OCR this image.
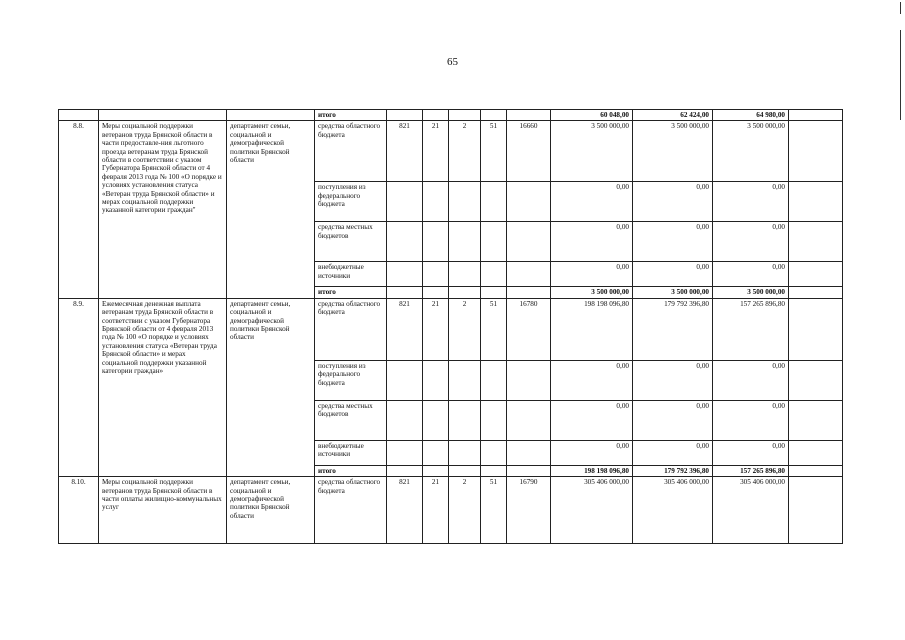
65
			итого						60 048,00	62 424,00	64 980,00	
8.8.	Меры социальной поддержки ветеранов труда Брянской области в части предоставле-ния льготного проезда ветеранам труда Брянской области в соответствии с указом Губернатора Брянской области от 4 февраля 2013 года № 100 «О порядке и условиях установления статуса «Ветеран труда Брянской области» и мерах социальной поддержки указанной категории граждан"	департамент семьи, социальной и демографической политики Брянской области	средства областного бюджета	821	21	2	51	16660	3 500 000,00	3 500 000,00	3 500 000,00	
			поступления из федерального бюджета						0,00	0,00	0,00	
			средства местных бюджетов						0,00	0,00	0,00	
			внебюджетные источники						0,00	0,00	0,00	
			итого						3 500 000,00	3 500 000,00	3 500 000,00	
8.9.	Ежемесячная денежная выплата ветеранам труда Брянской области в соответствии с указом Губернатора Брянской области от 4 февраля 2013 года № 100 «О порядке и условиях установления статуса «Ветеран труда Брянской области» и мерах социальной поддержки указанной категории граждан»	департамент семьи, социальной и демографической политики Брянской области	средства областного бюджета	821	21	2	51	16780	198 198 096,80	179 792 396,80	157 265 896,80	
			поступления из федерального бюджета						0,00	0,00	0,00	
			средства местных бюджетов						0,00	0,00	0,00	
			внебюджетные источники						0,00	0,00	0,00	
			итого						198 198 096,80	179 792 396,80	157 265 896,80	
8.10.	Меры социальной поддержки ветеранов труда Брянской области в части оплаты жилищно-коммунальных услуг	департамент семьи, социальной и демографической политики Брянской области	средства областного бюджета	821	21	2	51	16790	305 406 000,00	305 406 000,00	305 406 000,00	
